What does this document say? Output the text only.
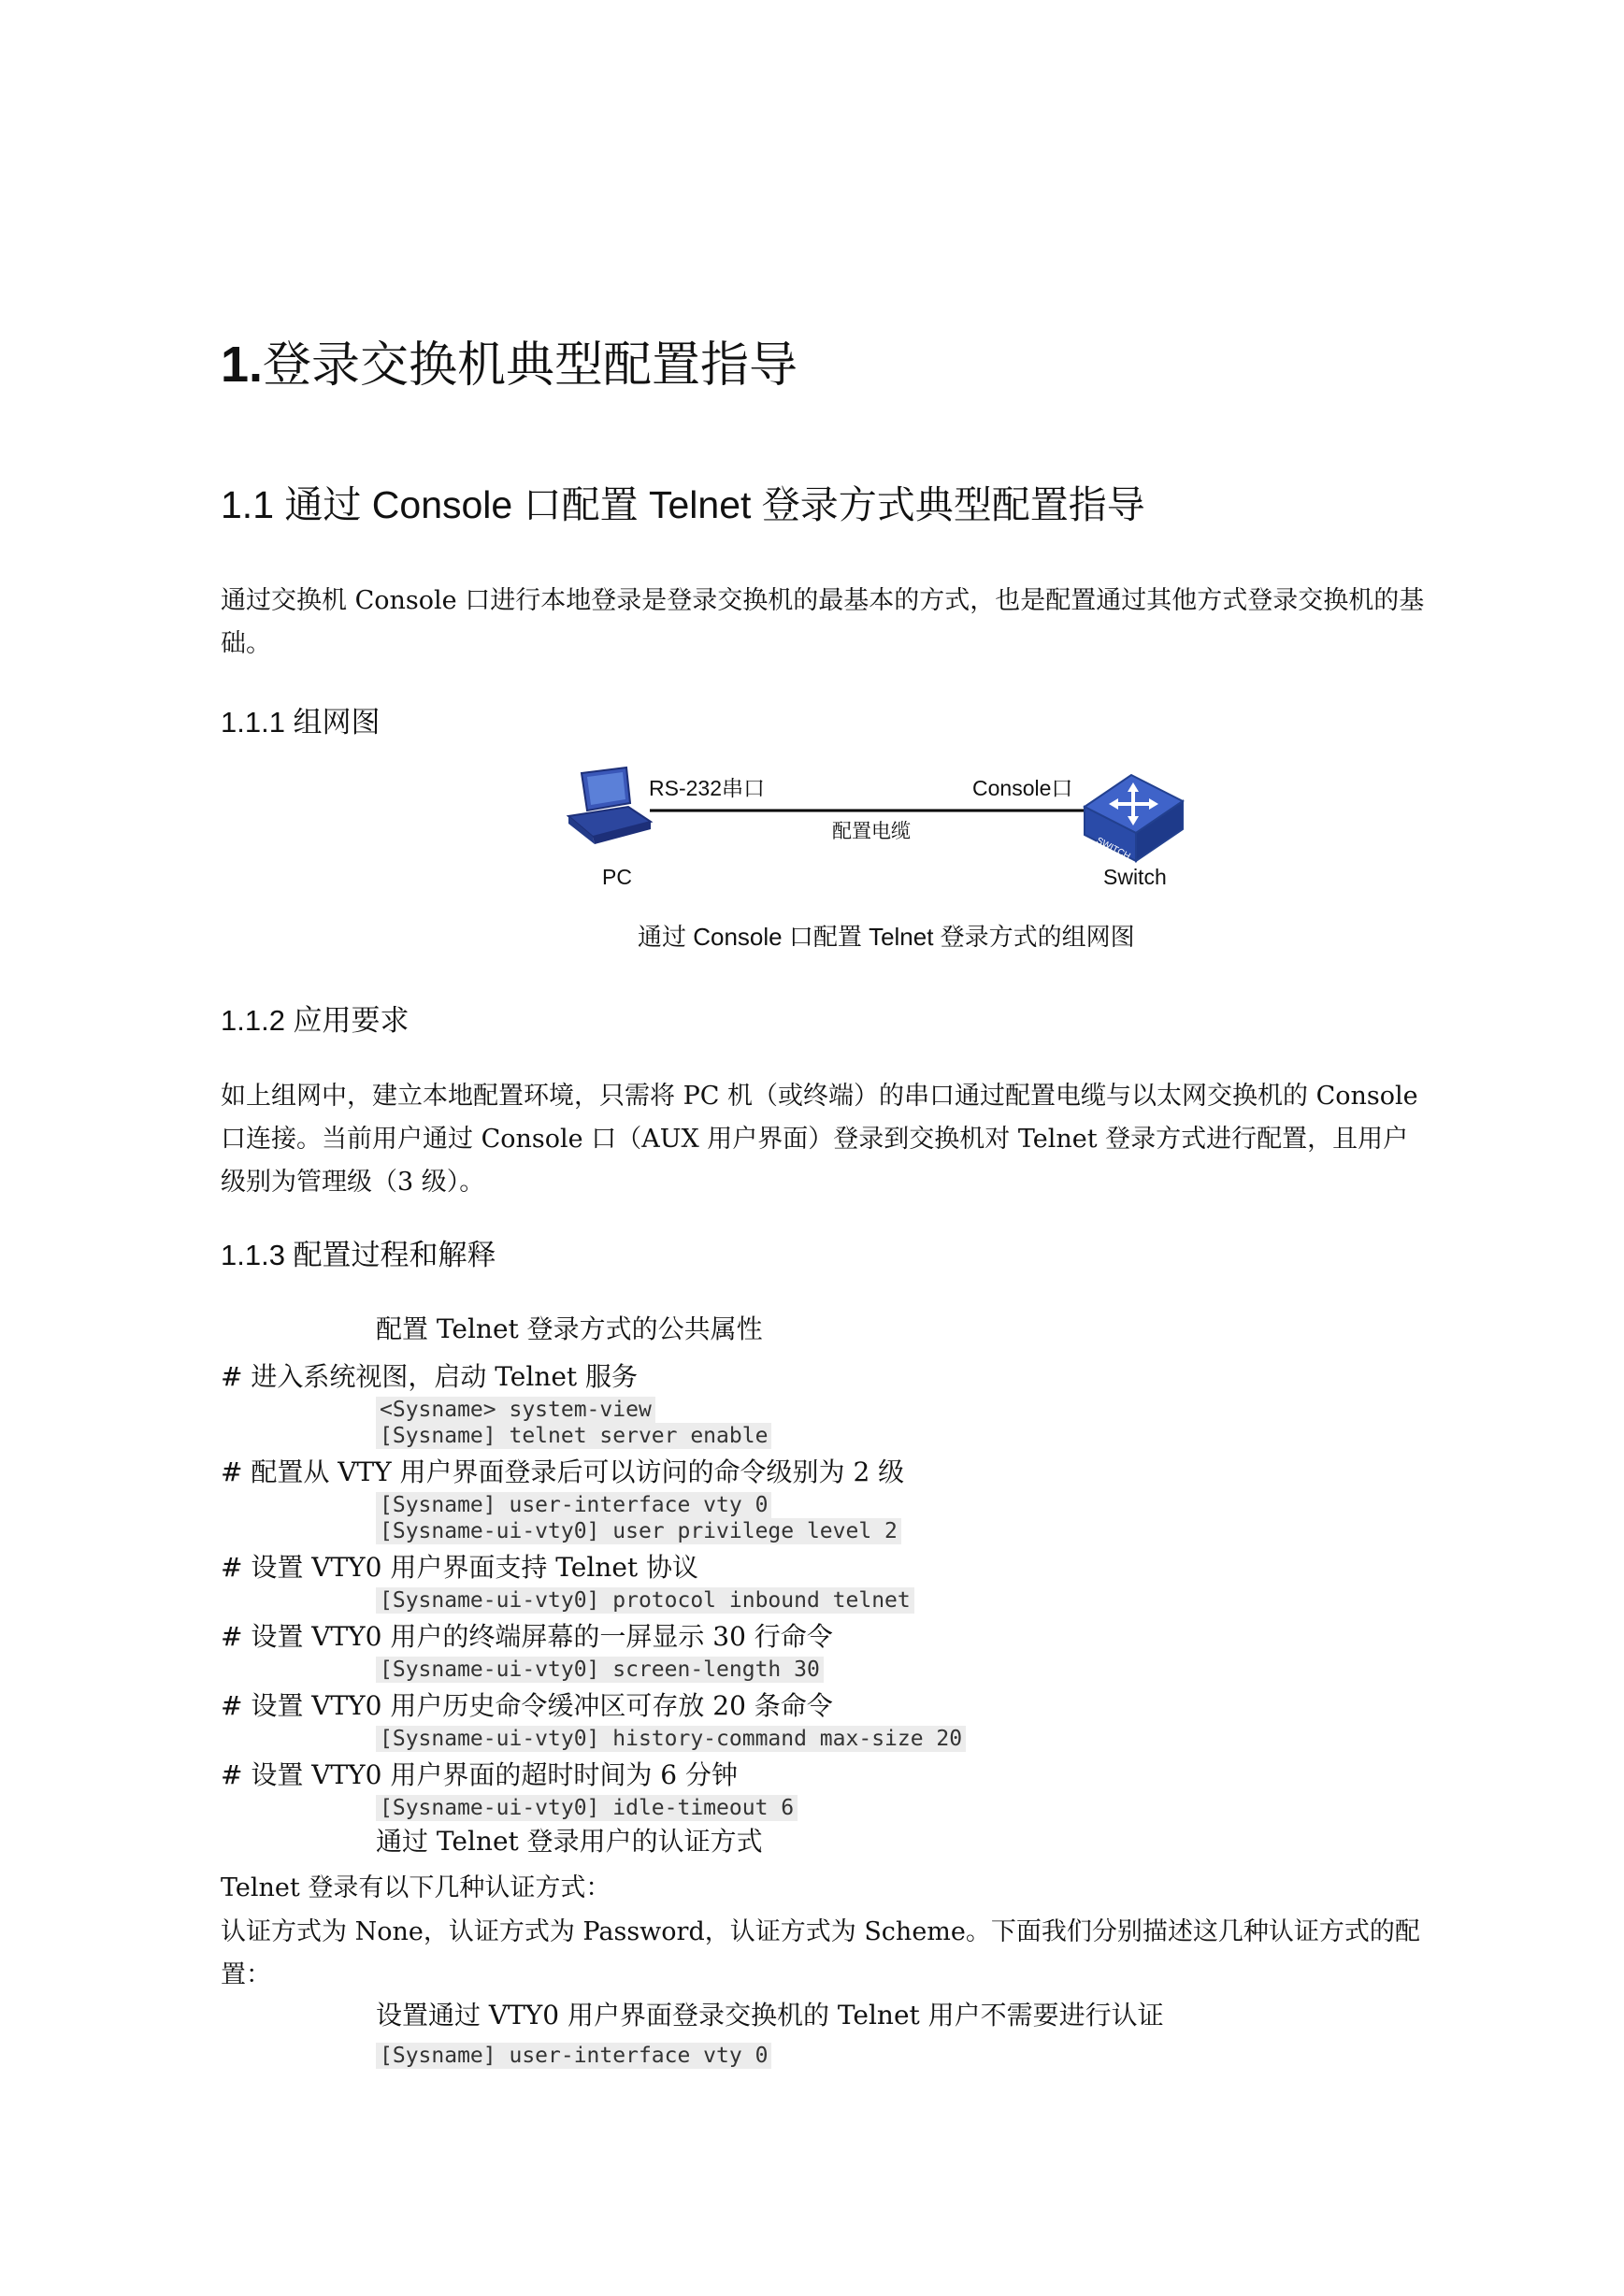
1.登录交换机典型配置指导
1.1 通过 Console 口配置 Telnet 登录方式典型配置指导
通过交换机 Console 口进行本地登录是登录交换机的最基本的方式，也是配置通过其他方式登录交换机的基础。
1.1.1 组网图
SWITCH
RS-232串口	Console口
配置电缆
PC	Switch
通过 Console 口配置 Telnet 登录方式的组网图
1.1.2 应用要求
如上组网中，建立本地配置环境，只需将 PC 机（或终端）的串口通过配置电缆与以太网交换机的 Console 口连接。当前用户通过 Console 口（AUX 用户界面）登录到交换机对 Telnet 登录方式进行配置，且用户级别为管理级（3 级）。
1.1.3 配置过程和解释
配置 Telnet 登录方式的公共属性
# 进入系统视图，启动 Telnet 服务
<Sysname> system-view
[Sysname] telnet server enable
# 配置从 VTY 用户界面登录后可以访问的命令级别为 2 级
[Sysname] user-interface vty 0
[Sysname-ui-vty0] user privilege level 2
# 设置 VTY0 用户界面支持 Telnet 协议
[Sysname-ui-vty0] protocol inbound telnet
# 设置 VTY0 用户的终端屏幕的一屏显示 30 行命令
[Sysname-ui-vty0] screen-length 30
# 设置 VTY0 用户历史命令缓冲区可存放 20 条命令
[Sysname-ui-vty0] history-command max-size 20
# 设置 VTY0 用户界面的超时时间为 6 分钟
[Sysname-ui-vty0] idle-timeout 6
通过 Telnet 登录用户的认证方式
Telnet 登录有以下几种认证方式：
认证方式为 None，认证方式为 Password，认证方式为 Scheme。下面我们分别描述这几种认证方式的配置：
设置通过 VTY0 用户界面登录交换机的 Telnet 用户不需要进行认证
[Sysname] user-interface vty 0
